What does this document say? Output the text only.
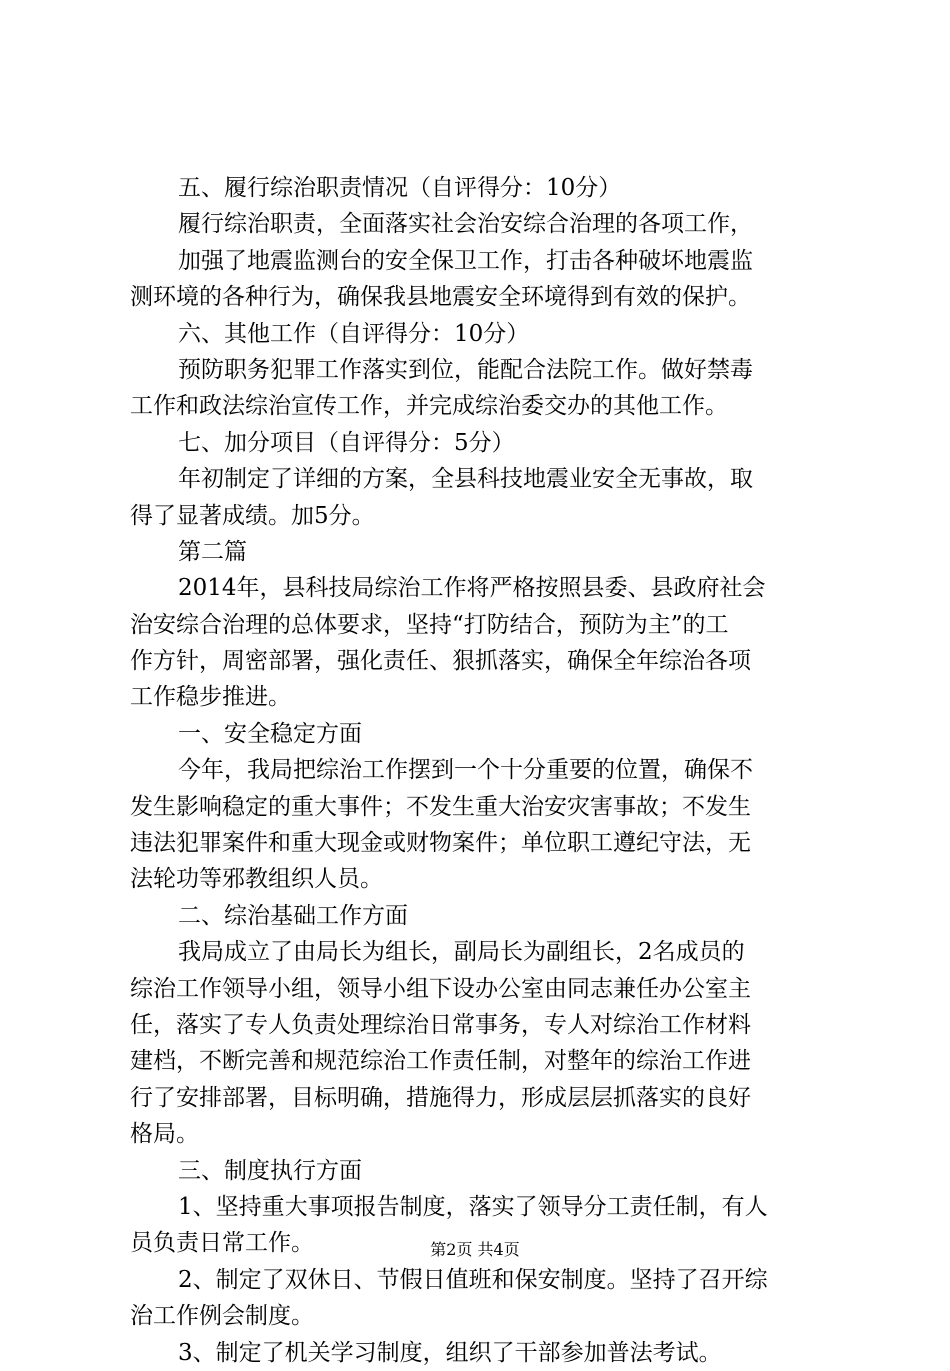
五、履行综治职责情况（自评得分：10分）
履行综治职责，全面落实社会治安综合治理的各项工作，
加强了地震监测台的安全保卫工作，打击各种破坏地震监
测环境的各种行为，确保我县地震安全环境得到有效的保护。
六、其他工作（自评得分：10分）
预防职务犯罪工作落实到位，能配合法院工作。做好禁毒
工作和政法综治宣传工作，并完成综治委交办的其他工作。
七、加分项目（自评得分：5分）
年初制定了详细的方案，全县科技地震业安全无事故，取
得了显著成绩。加5分。
第二篇
2014年，县科技局综治工作将严格按照县委、县政府社会
治安综合治理的总体要求，坚持“打防结合，预防为主”的工
作方针，周密部署，强化责任、狠抓落实，确保全年综治各项
工作稳步推进。
一、安全稳定方面
今年，我局把综治工作摆到一个十分重要的位置，确保不
发生影响稳定的重大事件；不发生重大治安灾害事故；不发生
违法犯罪案件和重大现金或财物案件；单位职工遵纪守法，无
法轮功等邪教组织人员。
二、综治基础工作方面
我局成立了由局长为组长，副局长为副组长，2名成员的
综治工作领导小组，领导小组下设办公室由同志兼任办公室主
任，落实了专人负责处理综治日常事务，专人对综治工作材料
建档，不断完善和规范综治工作责任制，对整年的综治工作进
行了安排部署，目标明确，措施得力，形成层层抓落实的良好
格局。
三、制度执行方面
1、坚持重大事项报告制度，落实了领导分工责任制，有人
员负责日常工作。
2、制定了双休日、节假日值班和保安制度。坚持了召开综
治工作例会制度。
3、制定了机关学习制度，组织了干部参加普法考试。
第2页 共4页
